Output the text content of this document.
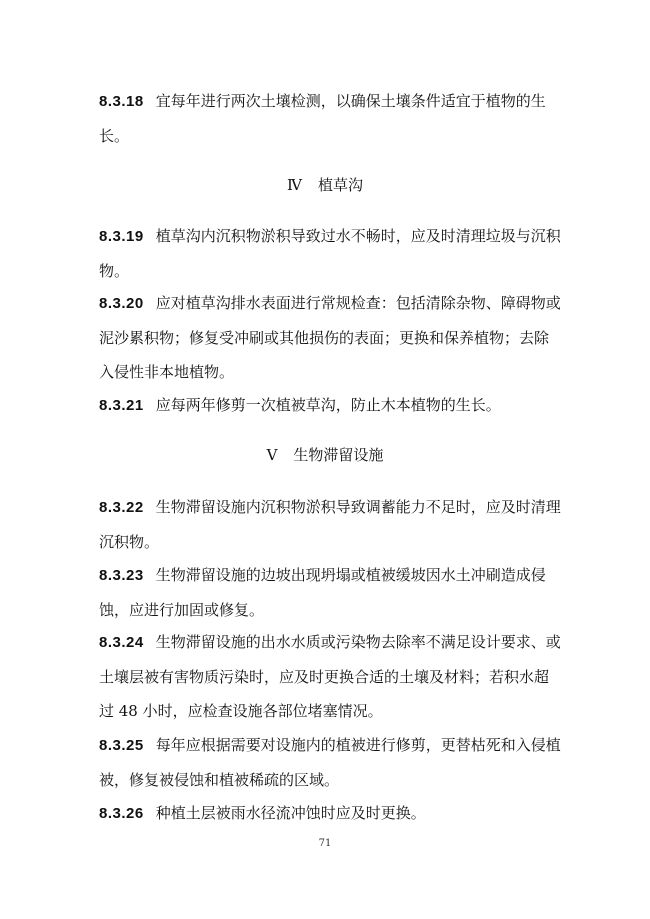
8.3.18 宜每年进行两次土壤检测，以确保土壤条件适宜于植物的生长。

Ⅳ 植草沟

8.3.19 植草沟内沉积物淤积导致过水不畅时，应及时清理垃圾与沉积物。

8.3.20 应对植草沟排水表面进行常规检查：包括清除杂物、障碍物或泥沙累积物；修复受冲刷或其他损伤的表面；更换和保养植物；去除入侵性非本地植物。

8.3.21 应每两年修剪一次植被草沟，防止木本植物的生长。

Ⅴ 生物滞留设施

8.3.22 生物滞留设施内沉积物淤积导致调蓄能力不足时，应及时清理沉积物。

8.3.23 生物滞留设施的边坡出现坍塌或植被缓坡因水土冲刷造成侵蚀，应进行加固或修复。

8.3.24 生物滞留设施的出水水质或污染物去除率不满足设计要求、或土壤层被有害物质污染时，应及时更换合适的土壤及材料；若积水超过 48 小时，应检查设施各部位堵塞情况。

8.3.25 每年应根据需要对设施内的植被进行修剪，更替枯死和入侵植被，修复被侵蚀和植被稀疏的区域。

8.3.26 种植土层被雨水径流冲蚀时应及时更换。

71
